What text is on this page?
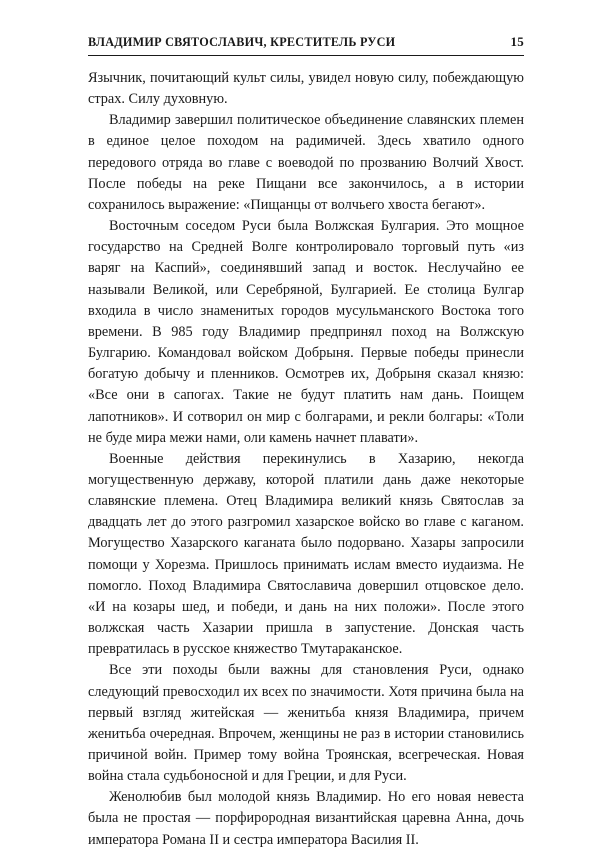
ВЛАДИМИР СВЯТОСЛАВИЧ, КРЕСТИТЕЛЬ РУСИ	15

Язычник, почитающий культ силы, увидел новую силу, побеждающую страх. Силу духовную.

Владимир завершил политическое объединение славянских племен в единое целое походом на радимичей. Здесь хватило одного передового отряда во главе с воеводой по прозванию Волчий Хвост. После победы на реке Пищани все закончилось, а в истории сохранилось выражение: «Пищанцы от волчьего хвоста бегают».

Восточным соседом Руси была Волжская Булгария. Это мощное государство на Средней Волге контролировало торговый путь «из варяг на Каспий», соединявший запад и восток. Неслучайно ее называли Великой, или Серебряной, Булгарией. Ее столица Булгар входила в число знаменитых городов мусульманского Востока того времени. В 985 году Владимир предпринял поход на Волжскую Булгарию. Командовал войском Добрыня. Первые победы принесли богатую добычу и пленников. Осмотрев их, Добрыня сказал князю: «Все они в сапогах. Такие не будут платить нам дань. Поищем лапотников». И сотворил он мир с болгарами, и рекли болгары: «Толи не буде мира межи нами, оли камень начнет плавати».

Военные действия перекинулись в Хазарию, некогда могущественную державу, которой платили дань даже некоторые славянские племена. Отец Владимира великий князь Святослав за двадцать лет до этого разгромил хазарское войско во главе с каганом. Могущество Хазарского каганата было подорвано. Хазары запросили помощи у Хорезма. Пришлось принимать ислам вместо иудаизма. Не помогло. Поход Владимира Святославича довершил отцовское дело. «И на козары шед, и победи, и дань на них положи». После этого волжская часть Хазарии пришла в запустение. Донская часть превратилась в русское княжество Тмутараканское.

Все эти походы были важны для становления Руси, однако следующий превосходил их всех по значимости. Хотя причина была на первый взгляд житейская — женитьба князя Владимира, причем женитьба очередная. Впрочем, женщины не раз в истории становились причиной войн. Пример тому война Троянская, всегреческая. Новая война стала судьбоносной и для Греции, и для Руси.

Женолюбив был молодой князь Владимир. Но его новая невеста была не простая — порфирородная византийская царевна Анна, дочь императора Романа II и сестра императора Василия II.
